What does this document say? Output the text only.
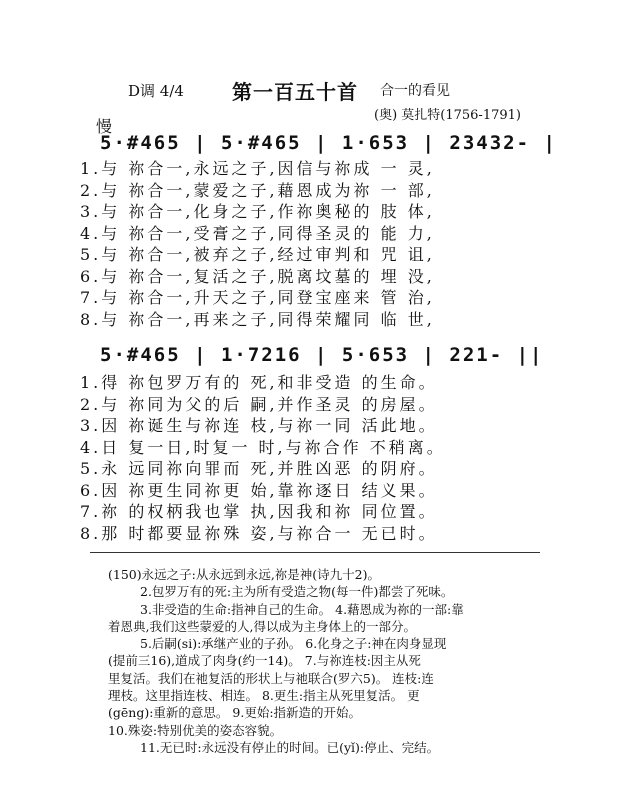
D调 4/4 第一百五十首 合一的看见
(奥) 莫扎特(1756-1791)
慢
5·#465 | 5·#465 | 1·653 | 23432- |
1.与 祢合一,永远之子,因信与祢成 一 灵,
2.与 祢合一,蒙爱之子,藉恩成为祢 一 部,
3.与 祢合一,化身之子,作祢奥秘的 肢 体,
4.与 祢合一,受膏之子,同得圣灵的 能 力,
5.与 祢合一,被弃之子,经过审判和 咒 诅,
6.与 祢合一,复活之子,脱离坟墓的 埋 没,
7.与 祢合一,升天之子,同登宝座来 管 治,
8.与 祢合一,再来之子,同得荣耀同 临 世,
5·#465 | 1·7216 | 5·653 | 221- ||
1.得 祢包罗万有的 死,和非受造 的生命。
2.与 祢同为父的后 嗣,并作圣灵 的房屋。
3.因 祢诞生与祢连 枝,与祢一同 活此地。
4.日 复一日,时复一 时,与祢合作 不稍离。
5.永 远同祢向罪而 死,并胜凶恶 的阴府。
6.因 祢更生同祢更 始,靠祢逐日 结义果。
7.祢 的权柄我也掌 执,因我和祢 同位置。
8.那 时都要显祢殊 姿,与祢合一 无已时。
(150)永远之子:从永远到永远,祢是神(诗九十2)。
2.包罗万有的死:主为所有受造之物(每一件)都尝了死味。
3.非受造的生命:指神自己的生命。 4.藉恩成为祢的一部:靠
着恩典,我们这些蒙爱的人,得以成为主身体上的一部分。
5.后嗣(si):承继产业的子孙。 6.化身之子:神在肉身显现
(提前三16),道成了肉身(约一14)。 7.与祢连枝:因主从死
里复活。我们在祂复活的形状上与祂联合(罗六5)。 连枝:连
理枝。这里指连枝、相连。 8.更生:指主从死里复活。 更
(gēng):重新的意思。 9.更始:指新造的开始。
10.殊姿:特别优美的姿态容貌。
11.无已时:永远没有停止的时间。已(yǐ):停止、完结。
